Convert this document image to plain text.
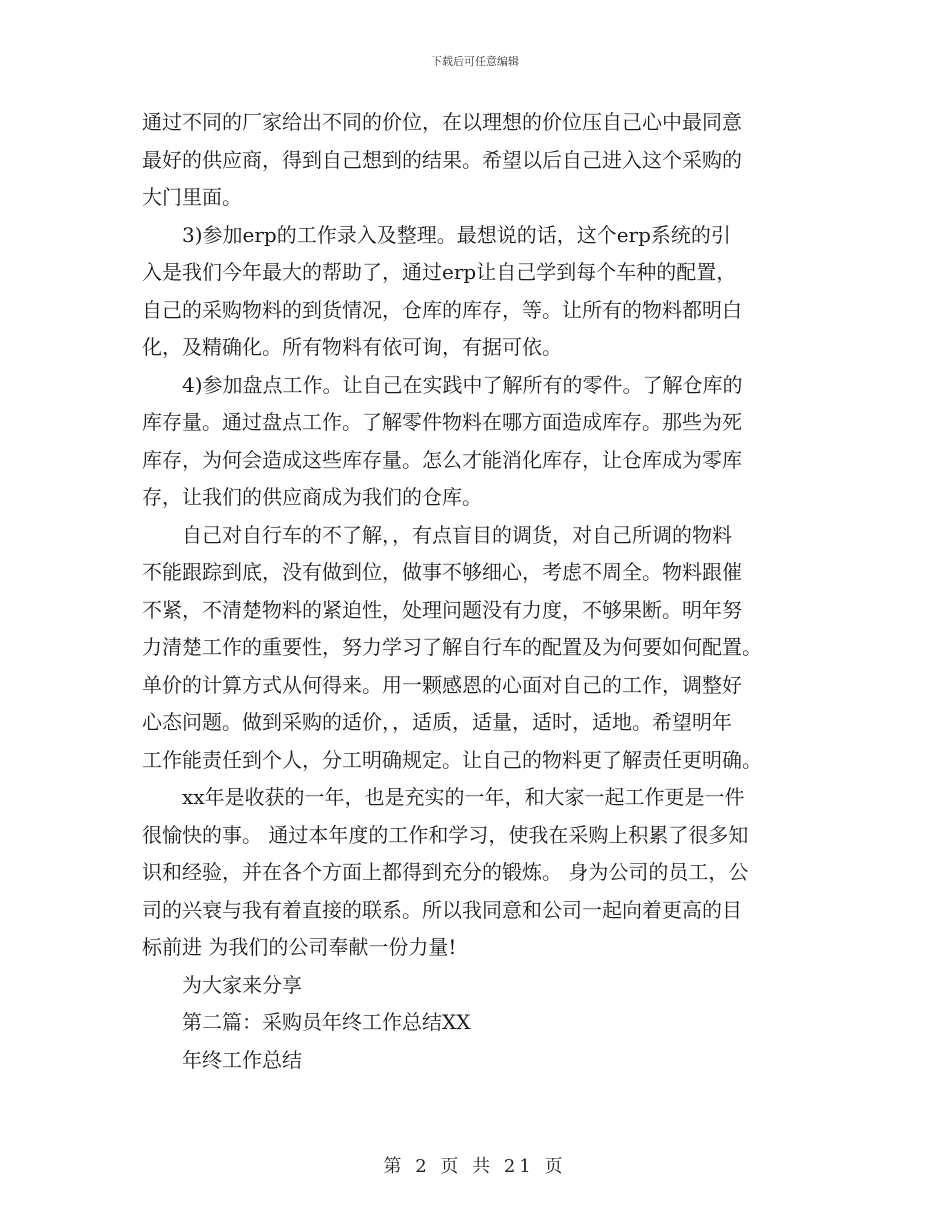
下载后可任意编辑

通过不同的厂家给出不同的价位，在以理想的价位压自己心中最同意

最好的供应商，得到自己想到的结果。希望以后自己进入这个采购的

大门里面。

　　3)参加erp的工作录入及整理。最想说的话，这个erp系统的引

入是我们今年最大的帮助了，通过erp让自己学到每个车种的配置，

自己的采购物料的到货情况，仓库的库存，等。让所有的物料都明白

化，及精确化。所有物料有依可询，有据可依。

　　4)参加盘点工作。让自己在实践中了解所有的零件。了解仓库的

库存量。通过盘点工作。了解零件物料在哪方面造成库存。那些为死

库存，为何会造成这些库存量。怎么才能消化库存，让仓库成为零库

存，让我们的供应商成为我们的仓库。

　　自己对自行车的不了解，，有点盲目的调货，对自己所调的物料

不能跟踪到底，没有做到位，做事不够细心，考虑不周全。物料跟催

不紧，不清楚物料的紧迫性，处理问题没有力度，不够果断。明年努

力清楚工作的重要性，努力学习了解自行车的配置及为何要如何配置。

单价的计算方式从何得来。用一颗感恩的心面对自己的工作，调整好

心态问题。做到采购的适价，，适质，适量，适时，适地。希望明年

工作能责任到个人，分工明确规定。让自己的物料更了解责任更明确。

　　xx年是收获的一年，也是充实的一年，和大家一起工作更是一件

很愉快的事。 通过本年度的工作和学习，使我在采购上积累了很多知

识和经验，并在各个方面上都得到充分的锻炼。 身为公司的员工，公

司的兴衰与我有着直接的联系。所以我同意和公司一起向着更高的目

标前进 为我们的公司奉献一份力量!

　　为大家来分享

　　第二篇：采购员年终工作总结XX

　　年终工作总结

第 2 页 共 21 页
